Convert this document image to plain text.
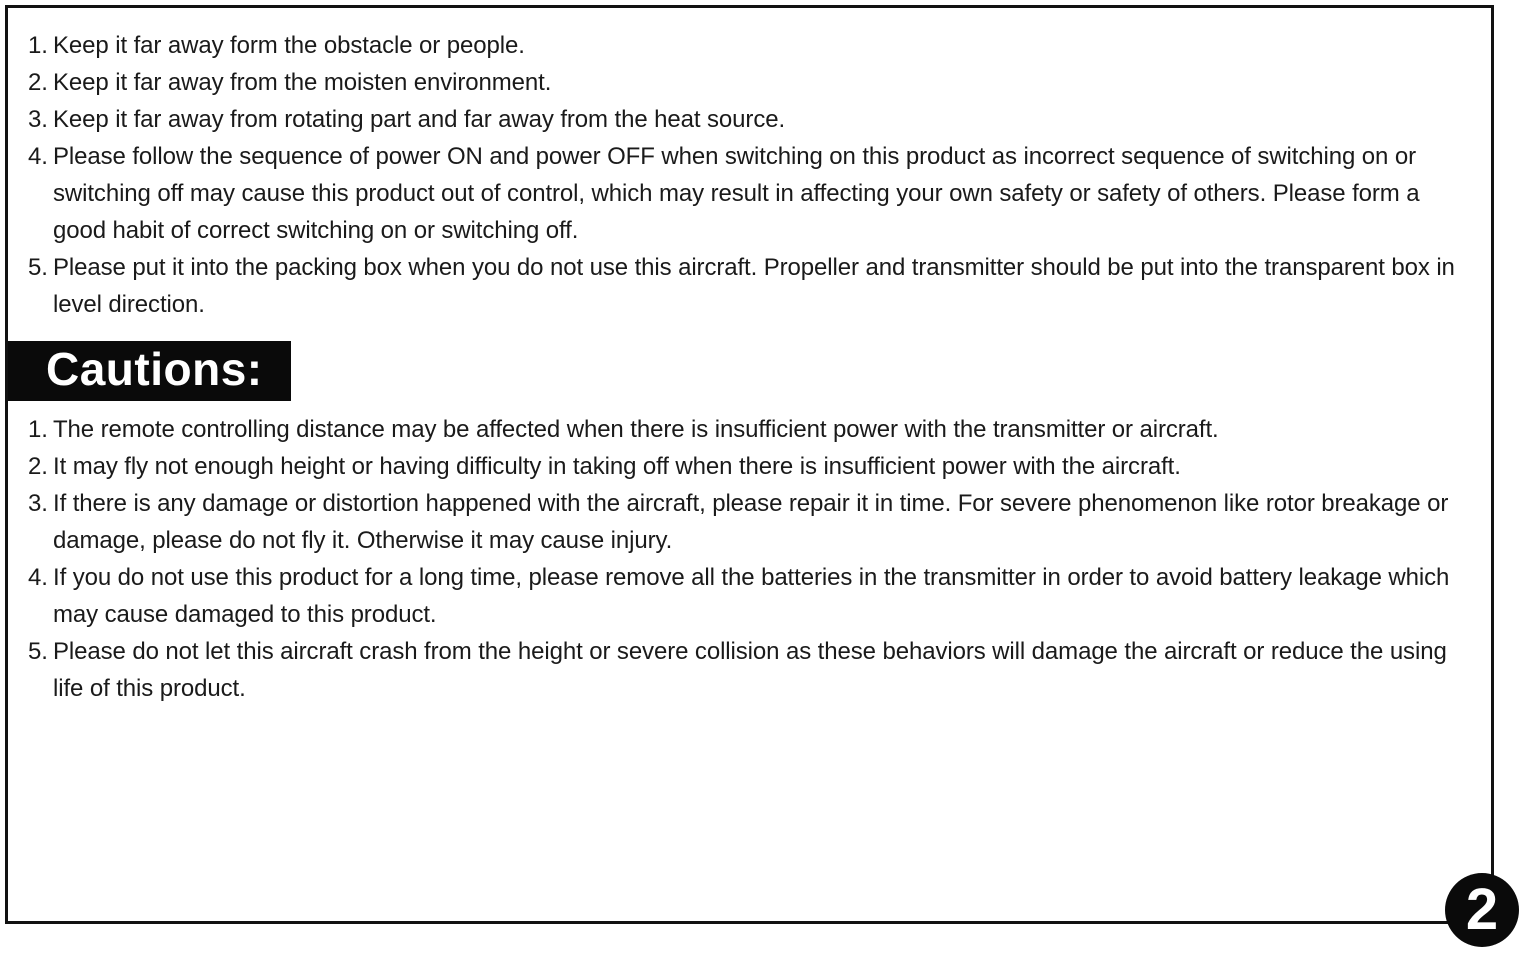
1. Keep it far away form the obstacle or people.
2. Keep it far away from the moisten environment.
3. Keep it far away from rotating part and far away from the heat source.
4. Please follow the sequence of power ON and power OFF when switching on this product as incorrect sequence of switching on or switching off may cause this product out of control, which may result in affecting your own safety or safety of others. Please form a good habit of correct switching on or switching off.
5. Please put it into the packing box when you do not use this aircraft. Propeller and transmitter should be put into the transparent box in level direction.
Cautions:
1. The remote controlling distance may be affected when there is insufficient power with the transmitter or aircraft.
2. It may fly not enough height or having difficulty in taking off when there is insufficient power with the aircraft.
3. If there is any damage or distortion happened with the aircraft, please repair it in time. For severe phenomenon like rotor breakage or damage, please do not fly it. Otherwise it may cause injury.
4. If you do not use this product for a long time, please remove all the batteries in the transmitter in order to avoid battery leakage which may cause damaged to this product.
5. Please do not let this aircraft crash from the height or severe collision as these behaviors will damage the aircraft or reduce the using life of this product.
2
